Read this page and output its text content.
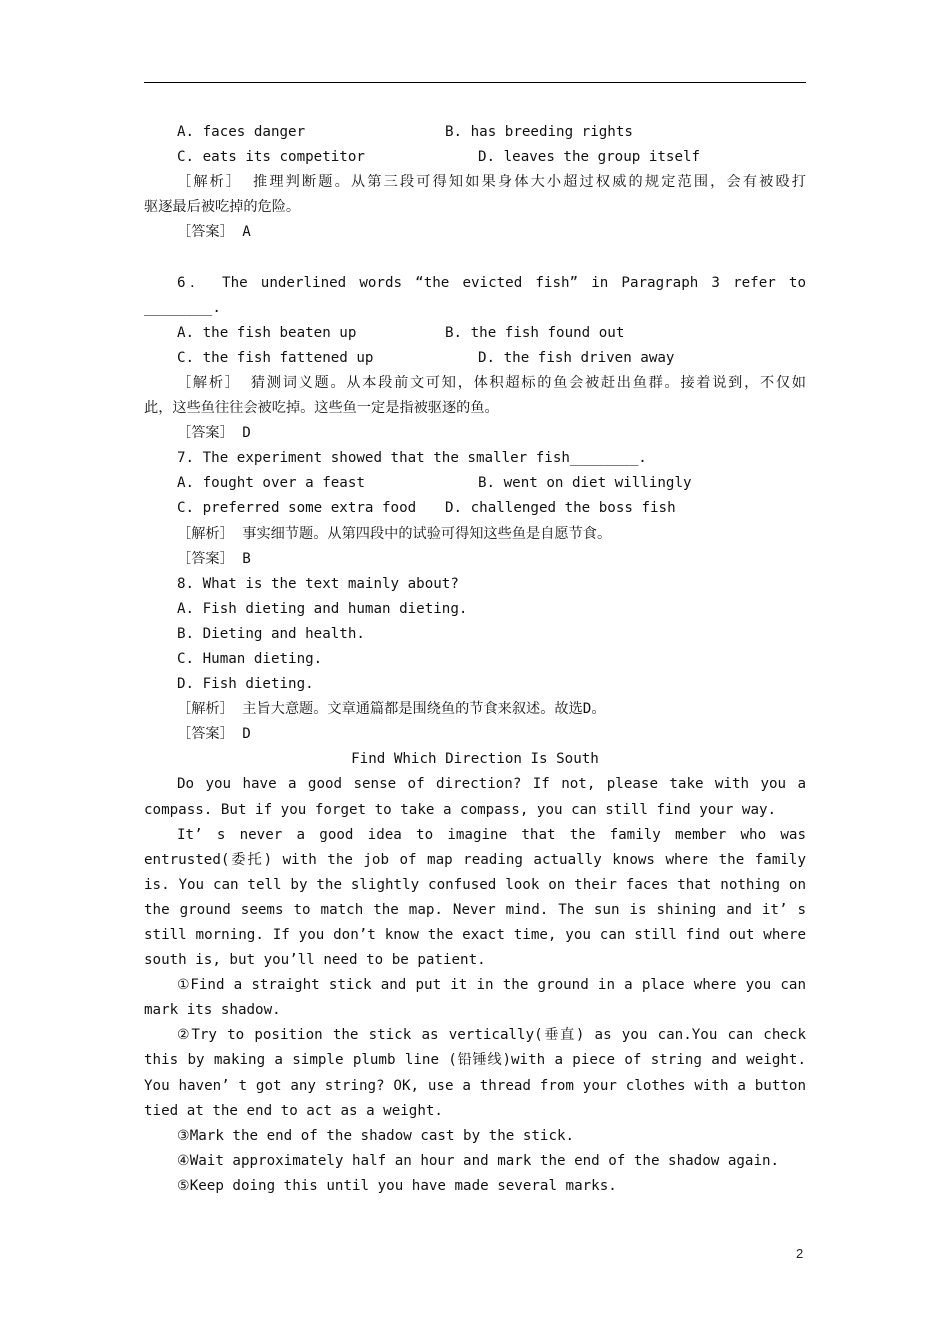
A. faces danger	B. has breeding rights
C. eats its competitor	D. leaves the group itself
［解析］ 推理判断题。从第三段可得知如果身体大小超过权威的规定范围，会有被殴打
驱逐最后被吃掉的危险。
［答案］ A
6． The underlined words “the evicted fish” in Paragraph 3 refer to
________.
A. the fish beaten up	B. the fish found out
C. the fish fattened up	D. the fish driven away
［解析］ 猜测词义题。从本段前文可知，体积超标的鱼会被赶出鱼群。接着说到，不仅如
此，这些鱼往往会被吃掉。这些鱼一定是指被驱逐的鱼。
［答案］ D
7. The experiment showed that the smaller fish________.
A. fought over a feast	B. went on diet willingly
C. preferred some extra food	D. challenged the boss fish
［解析］ 事实细节题。从第四段中的试验可得知这些鱼是自愿节食。
［答案］ B
8. What is the text mainly about?
A. Fish dieting and human dieting.
B. Dieting and health.
C. Human dieting.
D. Fish dieting.
［解析］ 主旨大意题。文章通篇都是围绕鱼的节食来叙述。故选D。
［答案］ D
Find Which Direction Is South
Do you have a good sense of direction? If not, please take with you a
compass. But if you forget to take a compass, you can still find your way.
It’ s never a good idea to imagine that the family member who was
entrusted(委托) with the job of map reading actually knows where the family
is. You can tell by the slightly confused look on their faces that nothing on
the ground seems to match the map. Never mind. The sun is shining and it’ s
still morning. If you don’t know the exact time, you can still find out where
south is, but you’ll need to be patient.
①Find a straight stick and put it in the ground in a place where you can
mark its shadow.
②Try to position the stick as vertically(垂直) as you can.You can check
this by making a simple plumb line (铅锤线)with a piece of string and weight.
You haven’ t got any string? OK, use a thread from your clothes with a button
tied at the end to act as a weight.
③Mark the end of the shadow cast by the stick.
④Wait approximately half an hour and mark the end of the shadow again.
⑤Keep doing this until you have made several marks.
2
